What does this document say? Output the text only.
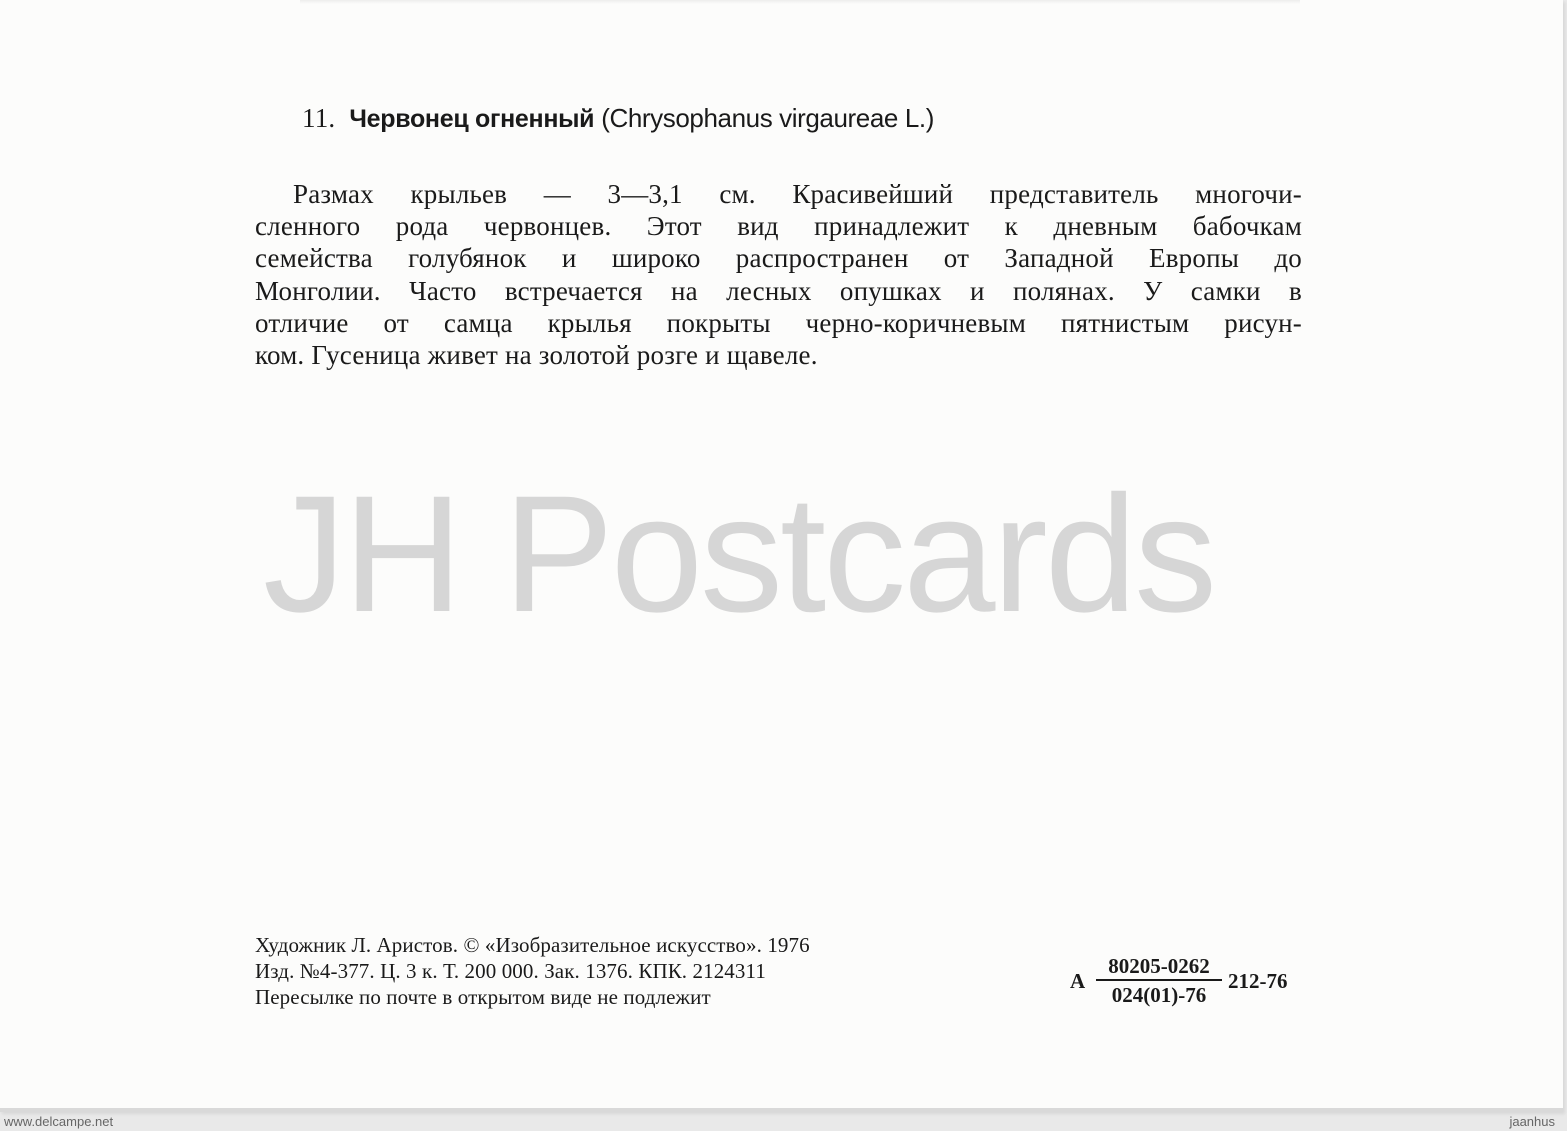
11. Червонец огненный (Chrysophanus virgaureae L.)
Размах крыльев — 3—3,1 см. Красивейший представитель многочи-
сленного рода червонцев. Этот вид принадлежит к дневным бабочкам
семейства голубянок и широко распространен от Западной Европы до
Монголии. Часто встречается на лесных опушках и полянах. У самки в
отличие от самца крылья покрыты черно-коричневым пятнистым рисун-
ком. Гусеница живет на золотой розге и щавеле.
JH Postcards
Художник Л. Аристов. © «Изобразительное искусство». 1976
Изд. №4-377. Ц. 3 к. Т. 200 000. Зак. 1376. КПК. 2124311
Пересылке по почте в открытом виде не подлежит
А $\frac{80205-0262}{024(01)-76} 212-76$
www.delcampe.net	jaanhus
